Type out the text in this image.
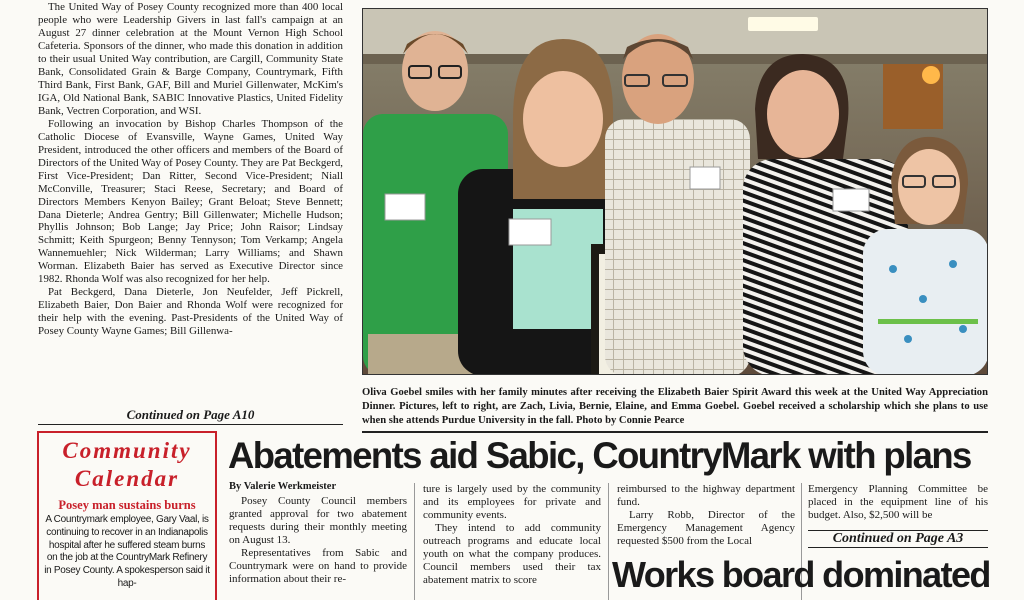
The United Way of Posey County recognized more than 400 local people who were Leadership Givers in last fall's campaign at an August 27 dinner celebration at the Mount Vernon High School Cafeteria. Sponsors of the dinner, who made this donation in addition to their usual United Way contribution, are Cargill, Community State Bank, Consolidated Grain & Barge Company, Countrymark, Fifth Third Bank, First Bank, GAF, Bill and Muriel Gillenwater, McKim's IGA, Old National Bank, SABIC Innovative Plastics, United Fidelity Bank, Vectren Corporation, and WSI.

Following an invocation by Bishop Charles Thompson of the Catholic Diocese of Evansville, Wayne Games, United Way President, introduced the other officers and members of the Board of Directors of the United Way of Posey County. They are Pat Beckgerd, First Vice-President; Dan Ritter, Second Vice-President; Niall McConville, Treasurer; Staci Reese, Secretary; and Board of Directors Members Kenyon Bailey; Grant Beloat; Steve Bennett; Dana Dieterle; Andrea Gentry; Bill Gillenwater; Michelle Hudson; Phyllis Johnson; Bob Lange; Jay Price; John Raisor; Lindsay Schmitt; Keith Spurgeon; Benny Tennyson; Tom Verkamp; Angela Wannemuehler; Nick Wilderman; Larry Williams; and Shawn Worman. Elizabeth Baier has served as Executive Director since 1982. Rhonda Wolf was also recognized for her help.

Pat Beckgerd, Dana Dieterle, Jon Neufelder, Jeff Pickrell, Elizabeth Baier, Don Baier and Rhonda Wolf were recognized for their help with the evening. Past-Presidents of the United Way of Posey County Wayne Games; Bill Gillenwa-

Continued on Page A10
Oliva Goebel smiles with her family minutes after receiving the Elizabeth Baier Spirit Award this week at the United Way Appreciation Dinner. Pictures, left to right, are Zach, Livia, Bernie, Elaine, and Emma Goebel. Goebel received a scholarship which she plans to use when she attends Purdue University in the fall. Photo by Connie Pearce
Community
Calendar
Posey man sustains burns
A Countrymark employee, Gary Vaal, is continuing to recover in an Indianapolis hospital after he suffered steam burns on the job at the CountryMark Refinery in Posey County. A spokesperson said it hap-
Abatements aid Sabic, CountryMark with plans
By Valerie Werkmeister

Posey County Council members granted approval for two abatement requests during their monthly meeting on August 13.

Representatives from Sabic and Countrymark were on hand to provide information about their re-

ture is largely used by the community and its employees for private and community events.

They intend to add community outreach programs and educate local youth on what the company produces. Council members used their tax abatement matrix to score

reimbursed to the highway department fund.

Larry Robb, Director of the Emergency Management Agency requested $500 from the Local

Emergency Planning Committee be placed in the equipment line of his budget. Also, $2,500 will be

Continued on Page A3
Works board dominated
